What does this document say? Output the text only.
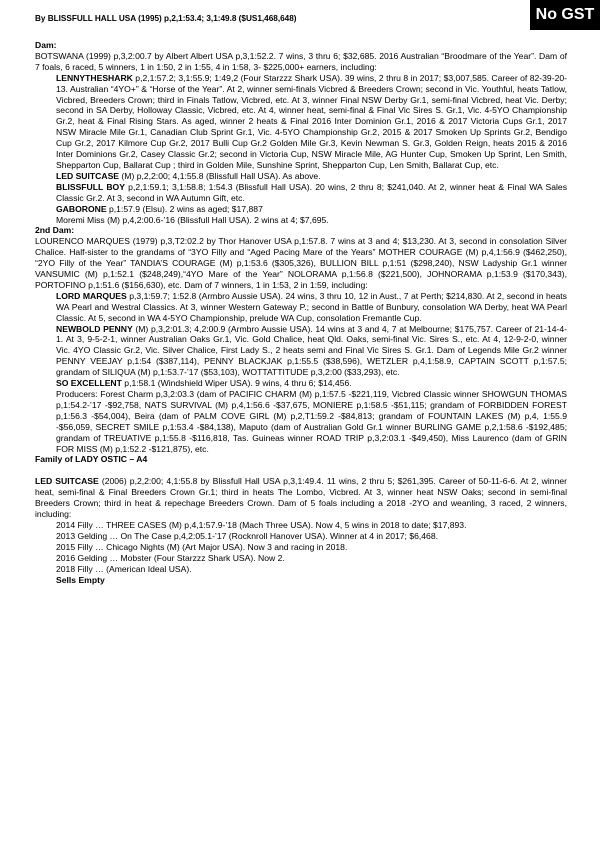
No GST
By BLISSFULL HALL USA (1995) p,2,1:53.4; 3,1:49.8 ($US1,468,648)

Dam:

BOTSWANA (1999) p,3,2:00.7 by Albert Albert USA p,3,1:52.2. 7 wins, 3 thru 6; $32,685. 2016 Australian “Broodmare of the Year”. Dam of 7 foals, 6 raced, 5 winners, 1 in 1:50, 2 in 1:55, 4 in 1:58, 3- $225,000+ earners, including:

LENNYTHESHARK p,2,1:57.2; 3,1:55.9; 1:49,2 (Four Starzzz Shark USA). 39 wins, 2 thru 8 in 2017; $3,007,585. Career of 82-39-20-13. Australian “4YO+” & “Horse of the Year”. At 2, winner semi-finals Vicbred & Breeders Crown; second in Vic. Youthful, heats Tatlow, Vicbred, Breeders Crown; third in Finals Tatlow, Vicbred, etc. At 3, winner Final NSW Derby Gr.1, semi-final Vicbred, heat Vic. Derby; second in SA Derby, Holloway Classic, Vicbred, etc. At 4, winner heat, semi-final & Final Vic Sires S. Gr.1, Vic. 4-5YO Championship Gr.2, heat & Final Rising Stars. As aged, winner 2 heats & Final 2016 Inter Dominion Gr.1, 2016 & 2017 Victoria Cups Gr.1, 2017 NSW Miracle Mile Gr.1, Canadian Club Sprint Gr.1, Vic. 4-5YO Championship Gr.2, 2015 & 2017 Smoken Up Sprints Gr.2, Bendigo Cup Gr.2, 2017 Kilmore Cup Gr.2, 2017 Bulli Cup Gr.2 Golden Mile Gr.3, Kevin Newman S. Gr.3, Golden Reign, heats 2015 & 2016 Inter Dominions Gr.2, Casey Classic Gr.2; second in Victoria Cup, NSW Miracle Mile, AG Hunter Cup, Smoken Up Sprint, Len Smith, Shepparton Cup, Ballarat Cup ; third in Golden Mile, Sunshine Sprint, Shepparton Cup, Len Smith, Ballarat Cup, etc.

LED SUITCASE (M) p,2,2:00; 4,1:55.8 (Blissfull Hall USA). As above.

BLISSFULL BOY p,2,1:59.1; 3,1:58.8; 1:54.3 (Blissfull Hall USA). 20 wins, 2 thru 8; $241,040. At 2, winner heat & Final WA Sales Classic Gr.2. At 3, second in WA Autumn Gift, etc.

GABORONE p,1:57.9 (Elsu). 2 wins as aged; $17,887

Moremi Miss (M) p,4,2:00.6-’16 (Blissfull Hall USA). 2 wins at 4; $7,695.

2nd Dam:

LOURENCO MARQUES (1979) p,3,T2:02.2 by Thor Hanover USA p,1:57.8. 7 wins at 3 and 4; $13,230. At 3, second in consolation Silver Chalice. Half-sister to the grandams of “3YO Filly and “Aged Pacing Mare of the Years” MOTHER COURAGE (M) p,4,1:56.9 ($462,250), “2YO Filly of the Year” TANDIA’S COURAGE (M) p,1:53.6 ($305,326), BULLION BILL p,1:51 ($298,240), NSW Ladyship Gr.1 winner VANSUMIC (M) p,1:52.1 ($248,249),“4YO Mare of the Year” NOLORAMA p,1:56.8 ($221,500), JOHNORAMA p,1:53.9 ($170,343), PORTOFINO p,1:51.6 ($156,630), etc. Dam of 7 winners, 1 in 1:53, 2 in 1:59, including:

LORD MARQUES p,3,1:59.7; 1:52.8 (Armbro Aussie USA). 24 wins, 3 thru 10, 12 in Aust., 7 at Perth; $214,830. At 2, second in heats WA Pearl and Westral Classics. At 3, winner Western Gateway P.; second in Battle of Bunbury, consolation WA Derby, heat WA Pearl Classic. At 5, second in WA 4-5YO Championship, prelude WA Cup, consolation Fremantle Cup.

NEWBOLD PENNY (M) p,3,2:01.3; 4,2:00.9 (Armbro Aussie USA). 14 wins at 3 and 4, 7 at Melbourne; $175,757. Career of 21-14-4-1. At 3, 9-5-2-1, winner Australian Oaks Gr.1, Vic. Gold Chalice, heat Qld. Oaks, semi-final Vic. Sires S., etc. At 4, 12-9-2-0, winner Vic. 4YO Classic Gr.2, Vic. Silver Chalice, First Lady S., 2 heats semi and Final Vic Sires S. Gr.1. Dam of Legends Mile Gr.2 winner PENNY VEEJAY p,1:54 ($387,114), PENNY BLACKJAK p,1:55.5 ($38,596), WETZLER p,4,1:58.9, CAPTAIN SCOTT p,1:57.5; grandam of SILIQUA (M) p,1:53.7-’17 ($53,103), WOTTATTITUDE p,3,2:00 ($33,293), etc.

SO EXCELLENT p,1:58.1 (Windshield Wiper USA). 9 wins, 4 thru 6; $14,456.

Producers: Forest Charm p,3,2:03.3 (dam of PACIFIC CHARM (M) p,1:57.5 -$221,119, Vicbred Classic winner SHOWGUN THOMAS p,1:54.2-’17 -$92,758, NATS SURVIVAL (M) p,4,1:56.6 -$37,675, MONIERE p,1:58.5 -$51,115; grandam of FORBIDDEN FOREST p,1:56.3 -$54,004), Beira (dam of PALM COVE GIRL (M) p,2,T1:59.2 -$84,813; grandam of FOUNTAIN LAKES (M) p,4, 1:55.9 -$56,059, SECRET SMILE p,1:53.4 -$84,138), Maputo (dam of Australian Gold Gr.1 winner BURLING GAME p,2,1:58.6 -$192,485; grandam of TREUATIVE p,1:55.8 -$116,818, Tas. Guineas winner ROAD TRIP p,3,2:03.1 -$49,450), Miss Laurenco (dam of GRIN FOR MISS (M) p,1:52.2 -$121,875), etc.

Family of LADY OSTIC – A4

LED SUITCASE (2006) p,2,2:00; 4,1:55.8 by Blissfull Hall USA p,3,1:49.4. 11 wins, 2 thru 5; $261,395. Career of 50-11-6-6. At 2, winner heat, semi-final & Final Breeders Crown Gr.1; third in heats The Lombo, Vicbred. At 3, winner heat NSW Oaks; second in semi-final Breeders Crown; third in heat & repechage Breeders Crown. Dam of 5 foals including a 2018 -2YO and weanling, 3 raced, 2 winners, including:

2014 Filly … THREE CASES (M) p,4,1:57.9-’18 (Mach Three USA). Now 4, 5 wins in 2018 to date; $17,893.

2013 Gelding … On The Case p,4,2:05.1-’17 (Rocknroll Hanover USA). Winner at 4 in 2017; $6,468.

2015 Filly … Chicago Nights (M) (Art Major USA). Now 3 and racing in 2018.

2016 Gelding … Mobster (Four Starzzz Shark USA). Now 2.

2018 Filly … (American Ideal USA).

Sells Empty
